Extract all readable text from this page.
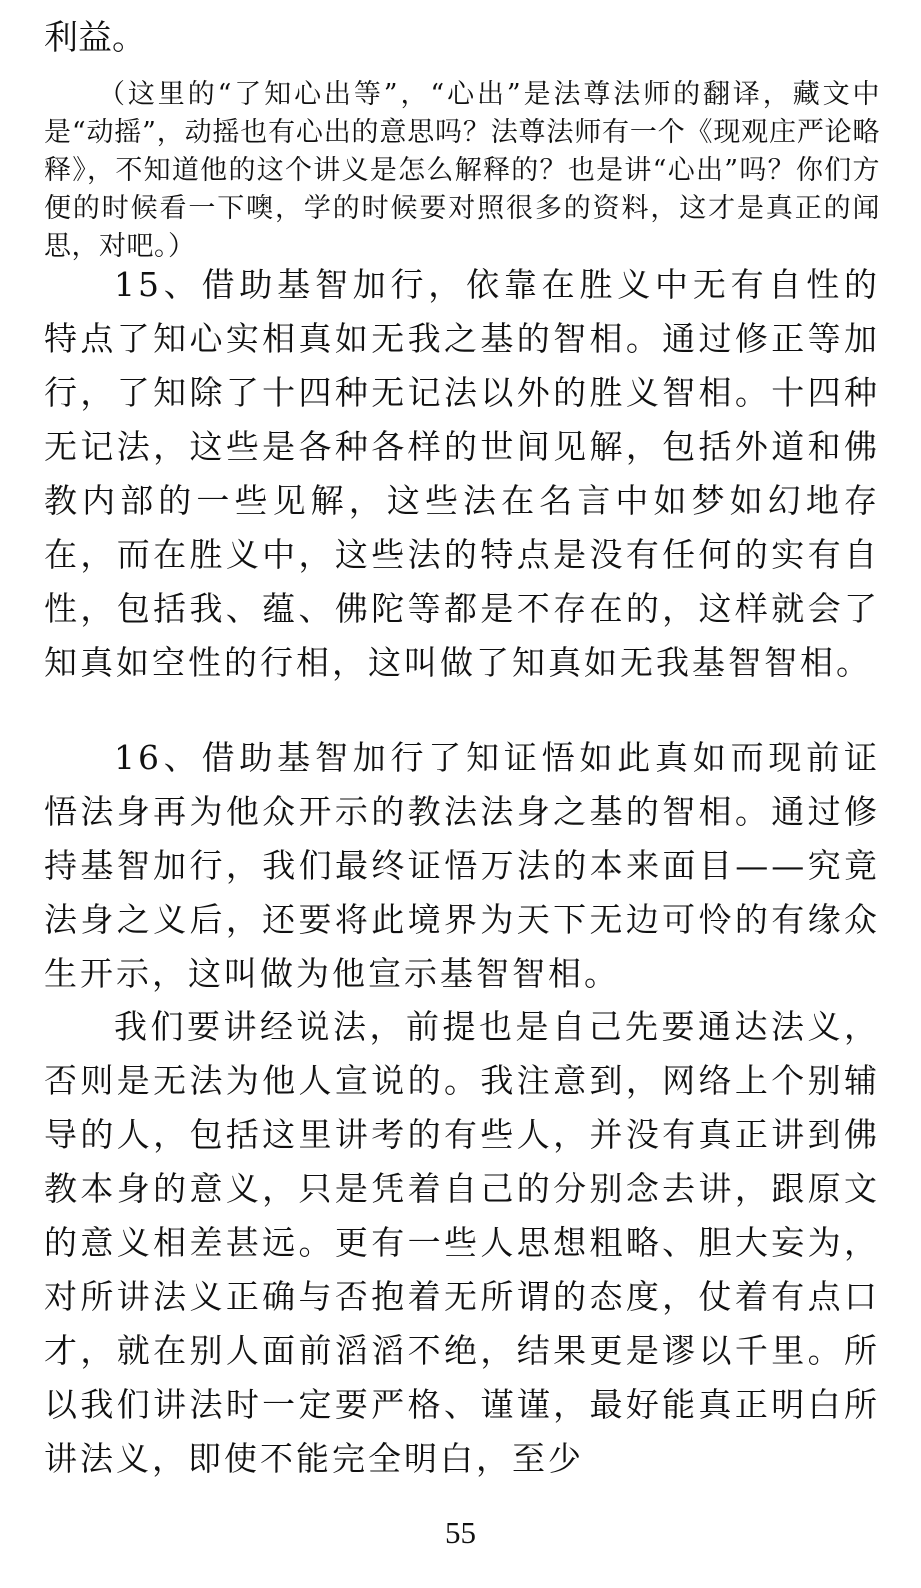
利益。

（这里的“了知心出等”，“心出”是法尊法师的翻译，藏文中是“动摇”，动摇也有心出的意思吗？法尊法师有一个《现观庄严论略释》，不知道他的这个讲义是怎么解释的？也是讲“心出”吗？你们方便的时候看一下噢，学的时候要对照很多的资料，这才是真正的闻思，对吧。）

15、借助基智加行，依靠在胜义中无有自性的特点了知心实相真如无我之基的智相。通过修正等加行，了知除了十四种无记法以外的胜义智相。十四种无记法，这些是各种各样的世间见解，包括外道和佛教内部的一些见解，这些法在名言中如梦如幻地存在，而在胜义中，这些法的特点是没有任何的实有自性，包括我、蕴、佛陀等都是不存在的，这样就会了知真如空性的行相，这叫做了知真如无我基智智相。

16、借助基智加行了知证悟如此真如而现前证悟法身再为他众开示的教法法身之基的智相。通过修持基智加行，我们最终证悟万法的本来面目——究竟法身之义后，还要将此境界为天下无边可怜的有缘众生开示，这叫做为他宣示基智智相。

我们要讲经说法，前提也是自己先要通达法义，否则是无法为他人宣说的。我注意到，网络上个别辅导的人，包括这里讲考的有些人，并没有真正讲到佛教本身的意义，只是凭着自己的分别念去讲，跟原文的意义相差甚远。更有一些人思想粗略、胆大妄为，对所讲法义正确与否抱着无所谓的态度，仗着有点口才，就在别人面前滔滔不绝，结果更是谬以千里。所以我们讲法时一定要严格、谨谨，最好能真正明白所讲法义，即使不能完全明白，至少

55
